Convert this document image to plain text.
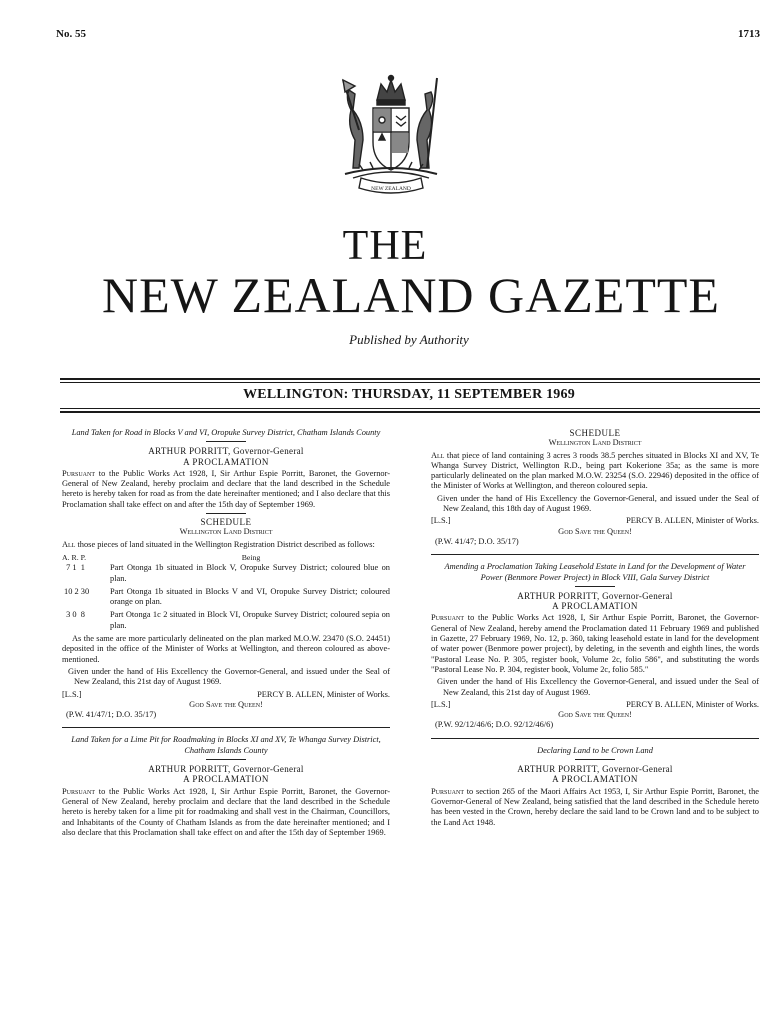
No. 55	1713
NEW ZEALAND
THE
NEW ZEALAND GAZETTE
Published by Authority
WELLINGTON: THURSDAY, 11 SEPTEMBER 1969
Land Taken for Road in Blocks V and VI, Oropuke Survey District, Chatham Islands County
ARTHUR PORRITT, Governor-General
A PROCLAMATION

Pursuant to the Public Works Act 1928, I, Sir Arthur Espie Porritt, Baronet, the Governor-General of New Zealand, hereby proclaim and declare that the land described in the Schedule hereto is hereby taken for road as from the date hereinafter mentioned; and I also declare that this Proclamation shall take effect on and after the 15th day of September 1969.

SCHEDULE
Wellington Land District

All those pieces of land situated in the Wellington Registration District described as follows:

A. R. P.	Being
7 1  1	Part Otonga 1b situated in Block V, Oropuke Survey District; coloured blue on plan.
10 2 30	Part Otonga 1b situated in Blocks V and VI, Oropuke Survey District; coloured orange on plan.
3 0  8	Part Otonga 1c 2 situated in Block VI, Oropuke Survey District; coloured sepia on plan.

As the same are more particularly delineated on the plan marked M.O.W. 23470 (S.O. 24451) deposited in the office of the Minister of Works at Wellington, and thereon coloured as above-mentioned.

Given under the hand of His Excellency the Governor-General, and issued under the Seal of New Zealand, this 21st day of August 1969.

[L.S.]	PERCY B. ALLEN, Minister of Works.
God Save the Queen!
(P.W. 41/47/1; D.O. 35/17)
Land Taken for a Lime Pit for Roadmaking in Blocks XI and XV, Te Whanga Survey District, Chatham Islands County
ARTHUR PORRITT, Governor-General
A PROCLAMATION

Pursuant to the Public Works Act 1928, I, Sir Arthur Espie Porritt, Baronet, the Governor-General of New Zealand, hereby proclaim and declare that the land described in the Schedule hereto is hereby taken for a lime pit for roadmaking and shall vest in the Chairman, Councillors, and Inhabitants of the County of Chatham Islands as from the date hereinafter mentioned; and I also declare that this Proclamation shall take effect on and after the 15th day of September 1969.

SCHEDULE
Wellington Land District

All that piece of land containing 3 acres 3 roods 38.5 perches situated in Blocks XI and XV, Te Whanga Survey District, Wellington R.D., being part Kokerione 35a; as the same is more particularly delineated on the plan marked M.O.W. 23254 (S.O. 22946) deposited in the office of the Minister of Works at Wellington, and thereon coloured sepia.

Given under the hand of His Excellency the Governor-General, and issued under the Seal of New Zealand, this 18th day of August 1969.

[L.S.]	PERCY B. ALLEN, Minister of Works.
God Save the Queen!
(P.W. 41/47; D.O. 35/17)
Amending a Proclamation Taking Leasehold Estate in Land for the Development of Water Power (Benmore Power Project) in Block VIII, Gala Survey District
ARTHUR PORRITT, Governor-General
A PROCLAMATION

Pursuant to the Public Works Act 1928, I, Sir Arthur Espie Porritt, Baronet, the Governor-General of New Zealand, hereby amend the Proclamation dated 11 February 1969 and published in Gazette, 27 February 1969, No. 12, p. 360, taking leasehold estate in land for the development of water power (Benmore power project), by deleting, in the seventh and eighth lines, the words "Pastoral Lease No. P. 305, register book, Volume 2c, folio 586", and substituting the words "Pastoral Lease No. P. 304, register book, Volume 2c, folio 585."

Given under the hand of His Excellency the Governor-General, and issued under the Seal of New Zealand, this 21st day of August 1969.

[L.S.]	PERCY B. ALLEN, Minister of Works.
God Save the Queen!
(P.W. 92/12/46/6; D.O. 92/12/46/6)
Declaring Land to be Crown Land
ARTHUR PORRITT, Governor-General
A PROCLAMATION

Pursuant to section 265 of the Maori Affairs Act 1953, I, Sir Arthur Espie Porritt, Baronet, the Governor-General of New Zealand, being satisfied that the land described in the Schedule hereto has been vested in the Crown, hereby declare the said land to be Crown land and to be subject to the Land Act 1948.
